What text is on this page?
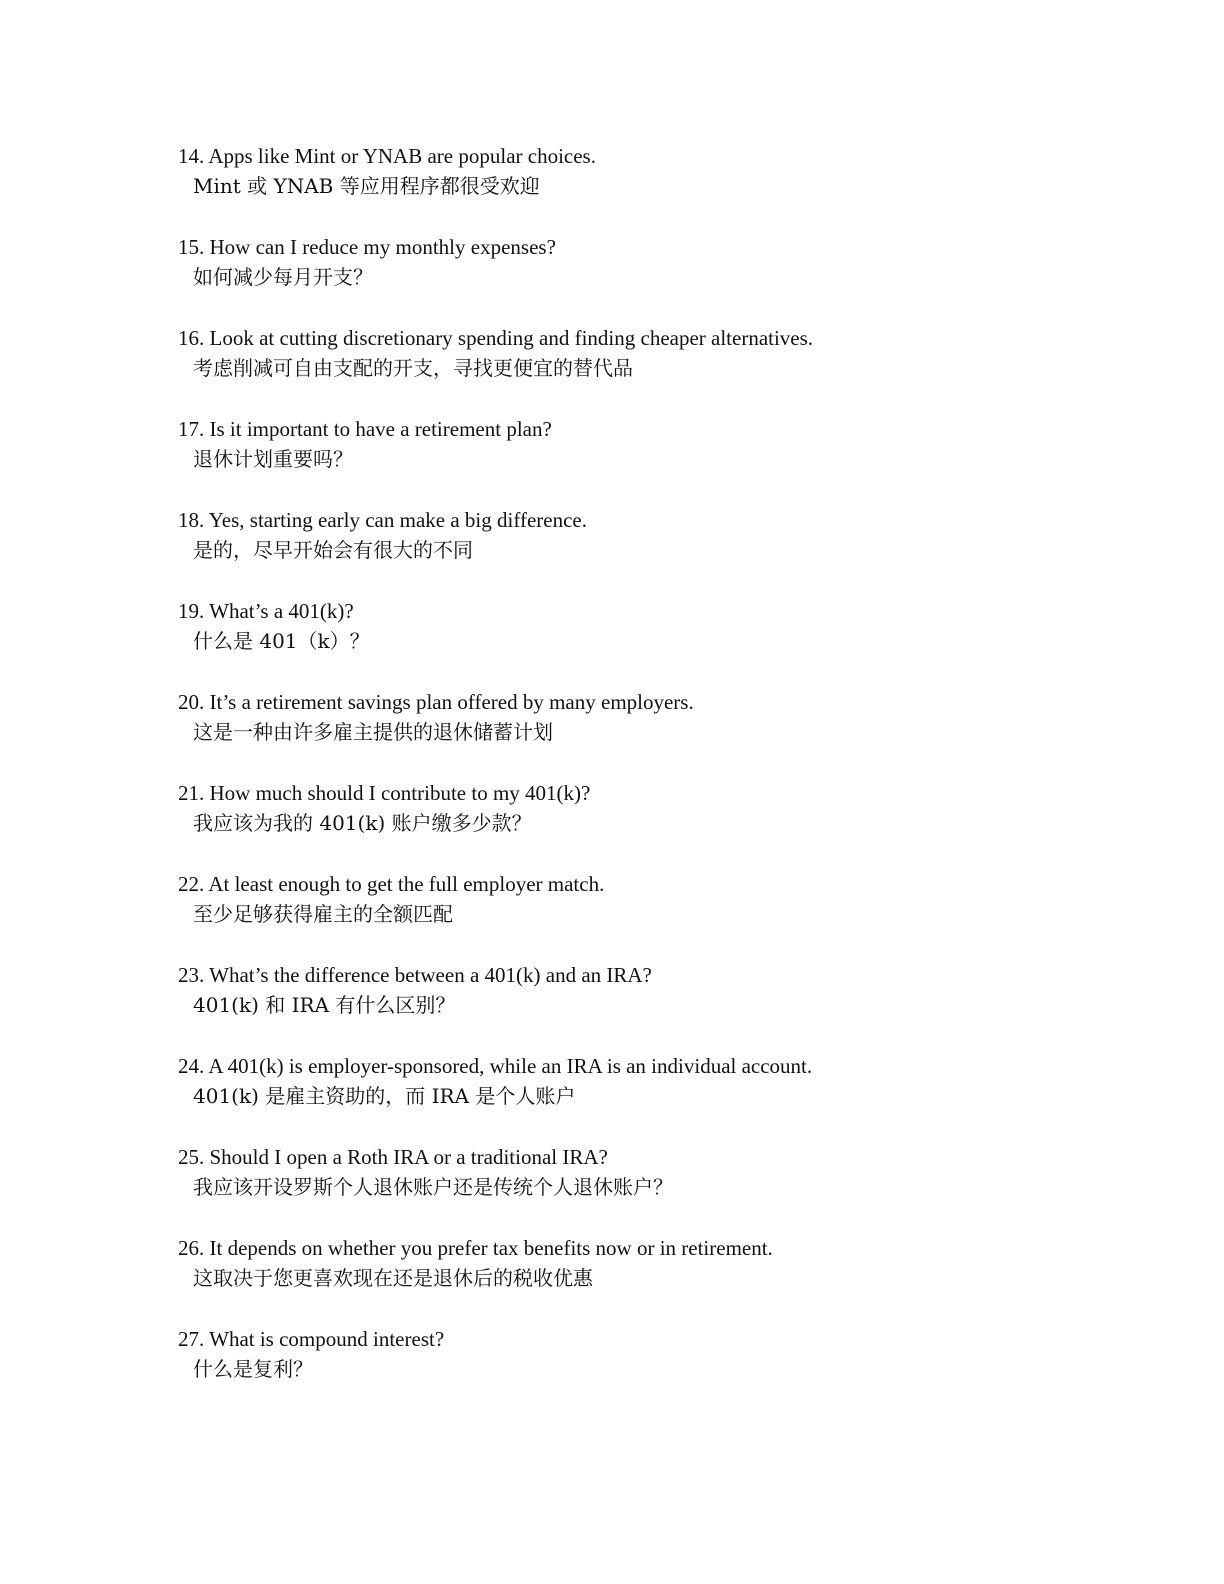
14. Apps like Mint or YNAB are popular choices.
Mint 或 YNAB 等应用程序都很受欢迎
15. How can I reduce my monthly expenses?
如何减少每月开支？
16. Look at cutting discretionary spending and finding cheaper alternatives.
考虑削减可自由支配的开支，寻找更便宜的替代品
17. Is it important to have a retirement plan?
退休计划重要吗？
18. Yes, starting early can make a big difference.
是的，尽早开始会有很大的不同
19. What’s a 401(k)?
什么是 401（k）？
20. It’s a retirement savings plan offered by many employers.
这是一种由许多雇主提供的退休储蓄计划
21. How much should I contribute to my 401(k)?
我应该为我的 401(k) 账户缴多少款？
22. At least enough to get the full employer match.
至少足够获得雇主的全额匹配
23. What’s the difference between a 401(k) and an IRA?
401(k) 和 IRA 有什么区别？
24. A 401(k) is employer-sponsored, while an IRA is an individual account.
401(k) 是雇主资助的，而 IRA 是个人账户
25. Should I open a Roth IRA or a traditional IRA?
我应该开设罗斯个人退休账户还是传统个人退休账户？
26. It depends on whether you prefer tax benefits now or in retirement.
这取决于您更喜欢现在还是退休后的税收优惠
27. What is compound interest?
什么是复利？
